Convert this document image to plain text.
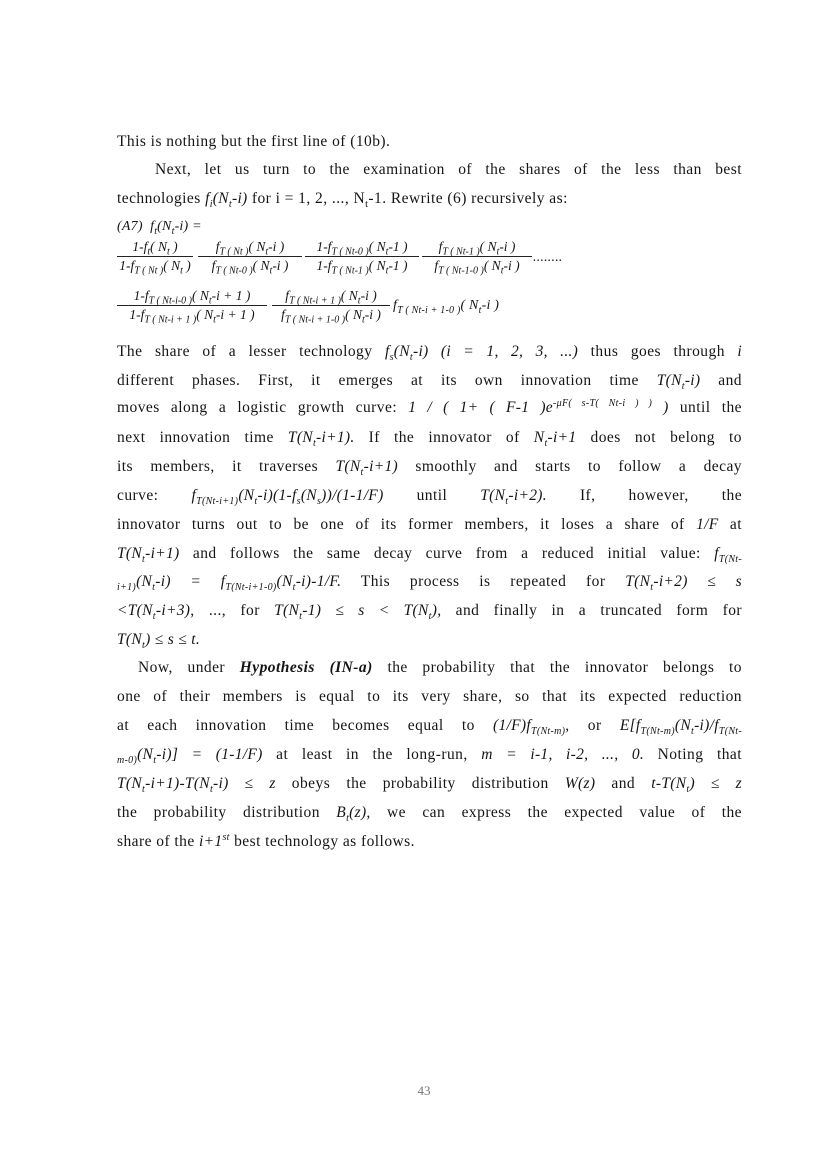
This is nothing but the first line of (10b).
Next, let us turn to the examination of the shares of the less than best
technologies $f_i(N_t-i)$ for i = 1, 2, ..., $N_t-1$. Rewrite (6) recursively as:
(A7) $f_t(N_t-i)$ =
$\frac{1-f_t( N_t )}{1-f_{T ( Nt )}( N_t )} \frac{f_{T ( Nt )}( N_t-i )}{f_{T ( Nt-0 )}( N_t-i )} \frac{1-f_{T ( Nt-0 )}( N_t-1 )}{1-f_{T ( Nt-1 )}( N_t-1 )} \frac{f_{T ( Nt-1 )}( N_t-i )}{f_{T ( Nt-1-0 )}( N_t-i )}$ ........
$\frac{1-f_{T ( Nt-i-0 )}( N_t-i + 1 )}{1-f_{T ( Nt-i + 1 )}( N_t-i + 1 )} \frac{f_{T ( Nt-i + 1 )}( N_t-i )}{f_{T ( Nt-i + 1-0 )}( N_t-i )} f_{T ( Nt-i + 1-0 )}$( $N_t-i$ )
The share of a lesser technology $f_s(N_t-i) (i = 1$, 2, 3, ...) thus goes through i
different phases. First, it emerges at its own innovation time $T(N_t-i)$ and
moves along a logistic growth curve: 1 / ( 1+ ( F-1 )$e^{-\mu F( s-T( Nt-i ) )}$ ) until the
next innovation time $T(N_t-i+1)$. If the innovator of $N_t-i+1$ does not belong to
its members, it traverses $T(N_t-i+1)$ smoothly and starts to follow a decay
curve: $f_{T(Nt-i+1)}(N_t-i)(1-f_s(N_s))/(1-1/F)$ until $T(N_t-i+2)$. If, however, the
innovator turns out to be one of its former members, it loses a share of 1/F at
$T(N_t-i+1)$ and follows the same decay curve from a reduced initial value: $f_{T(Nt-}$
$_{i+1)}(N_t-i) = f_{T(Nt-i+1-0)}(N_t-i)-1/F$. This process is repeated for $T(N_t-i+2) \le s$
$<T(N_t-i+3)$, ..., for $T(N_t-1) \le s < T(N_t)$, and finally in a truncated form for
$T(N_t) \le s \le t$.
Now, under Hypothesis (IN-a) the probability that the innovator belongs to
one of their members is equal to its very share, so that its expected reduction
at each innovation time becomes equal to $(1/F)f_{T(Nt-m)}$, or $E[f_{T(Nt-m)}(N_t-i)/f_{T(Nt-}$
$_{m-0)}(N_t-i)] = (1-1/F)$ at least in the long-run, m = i-1, i-2, ..., 0. Noting that
$T(N_t-i+1)-T(N_t-i) \le z$ obeys the probability distribution W(z) and $t-T(N_t) \le z$
the probability distribution $B_t(z)$, we can express the expected value of the
share of the i+1st best technology as follows.
43
